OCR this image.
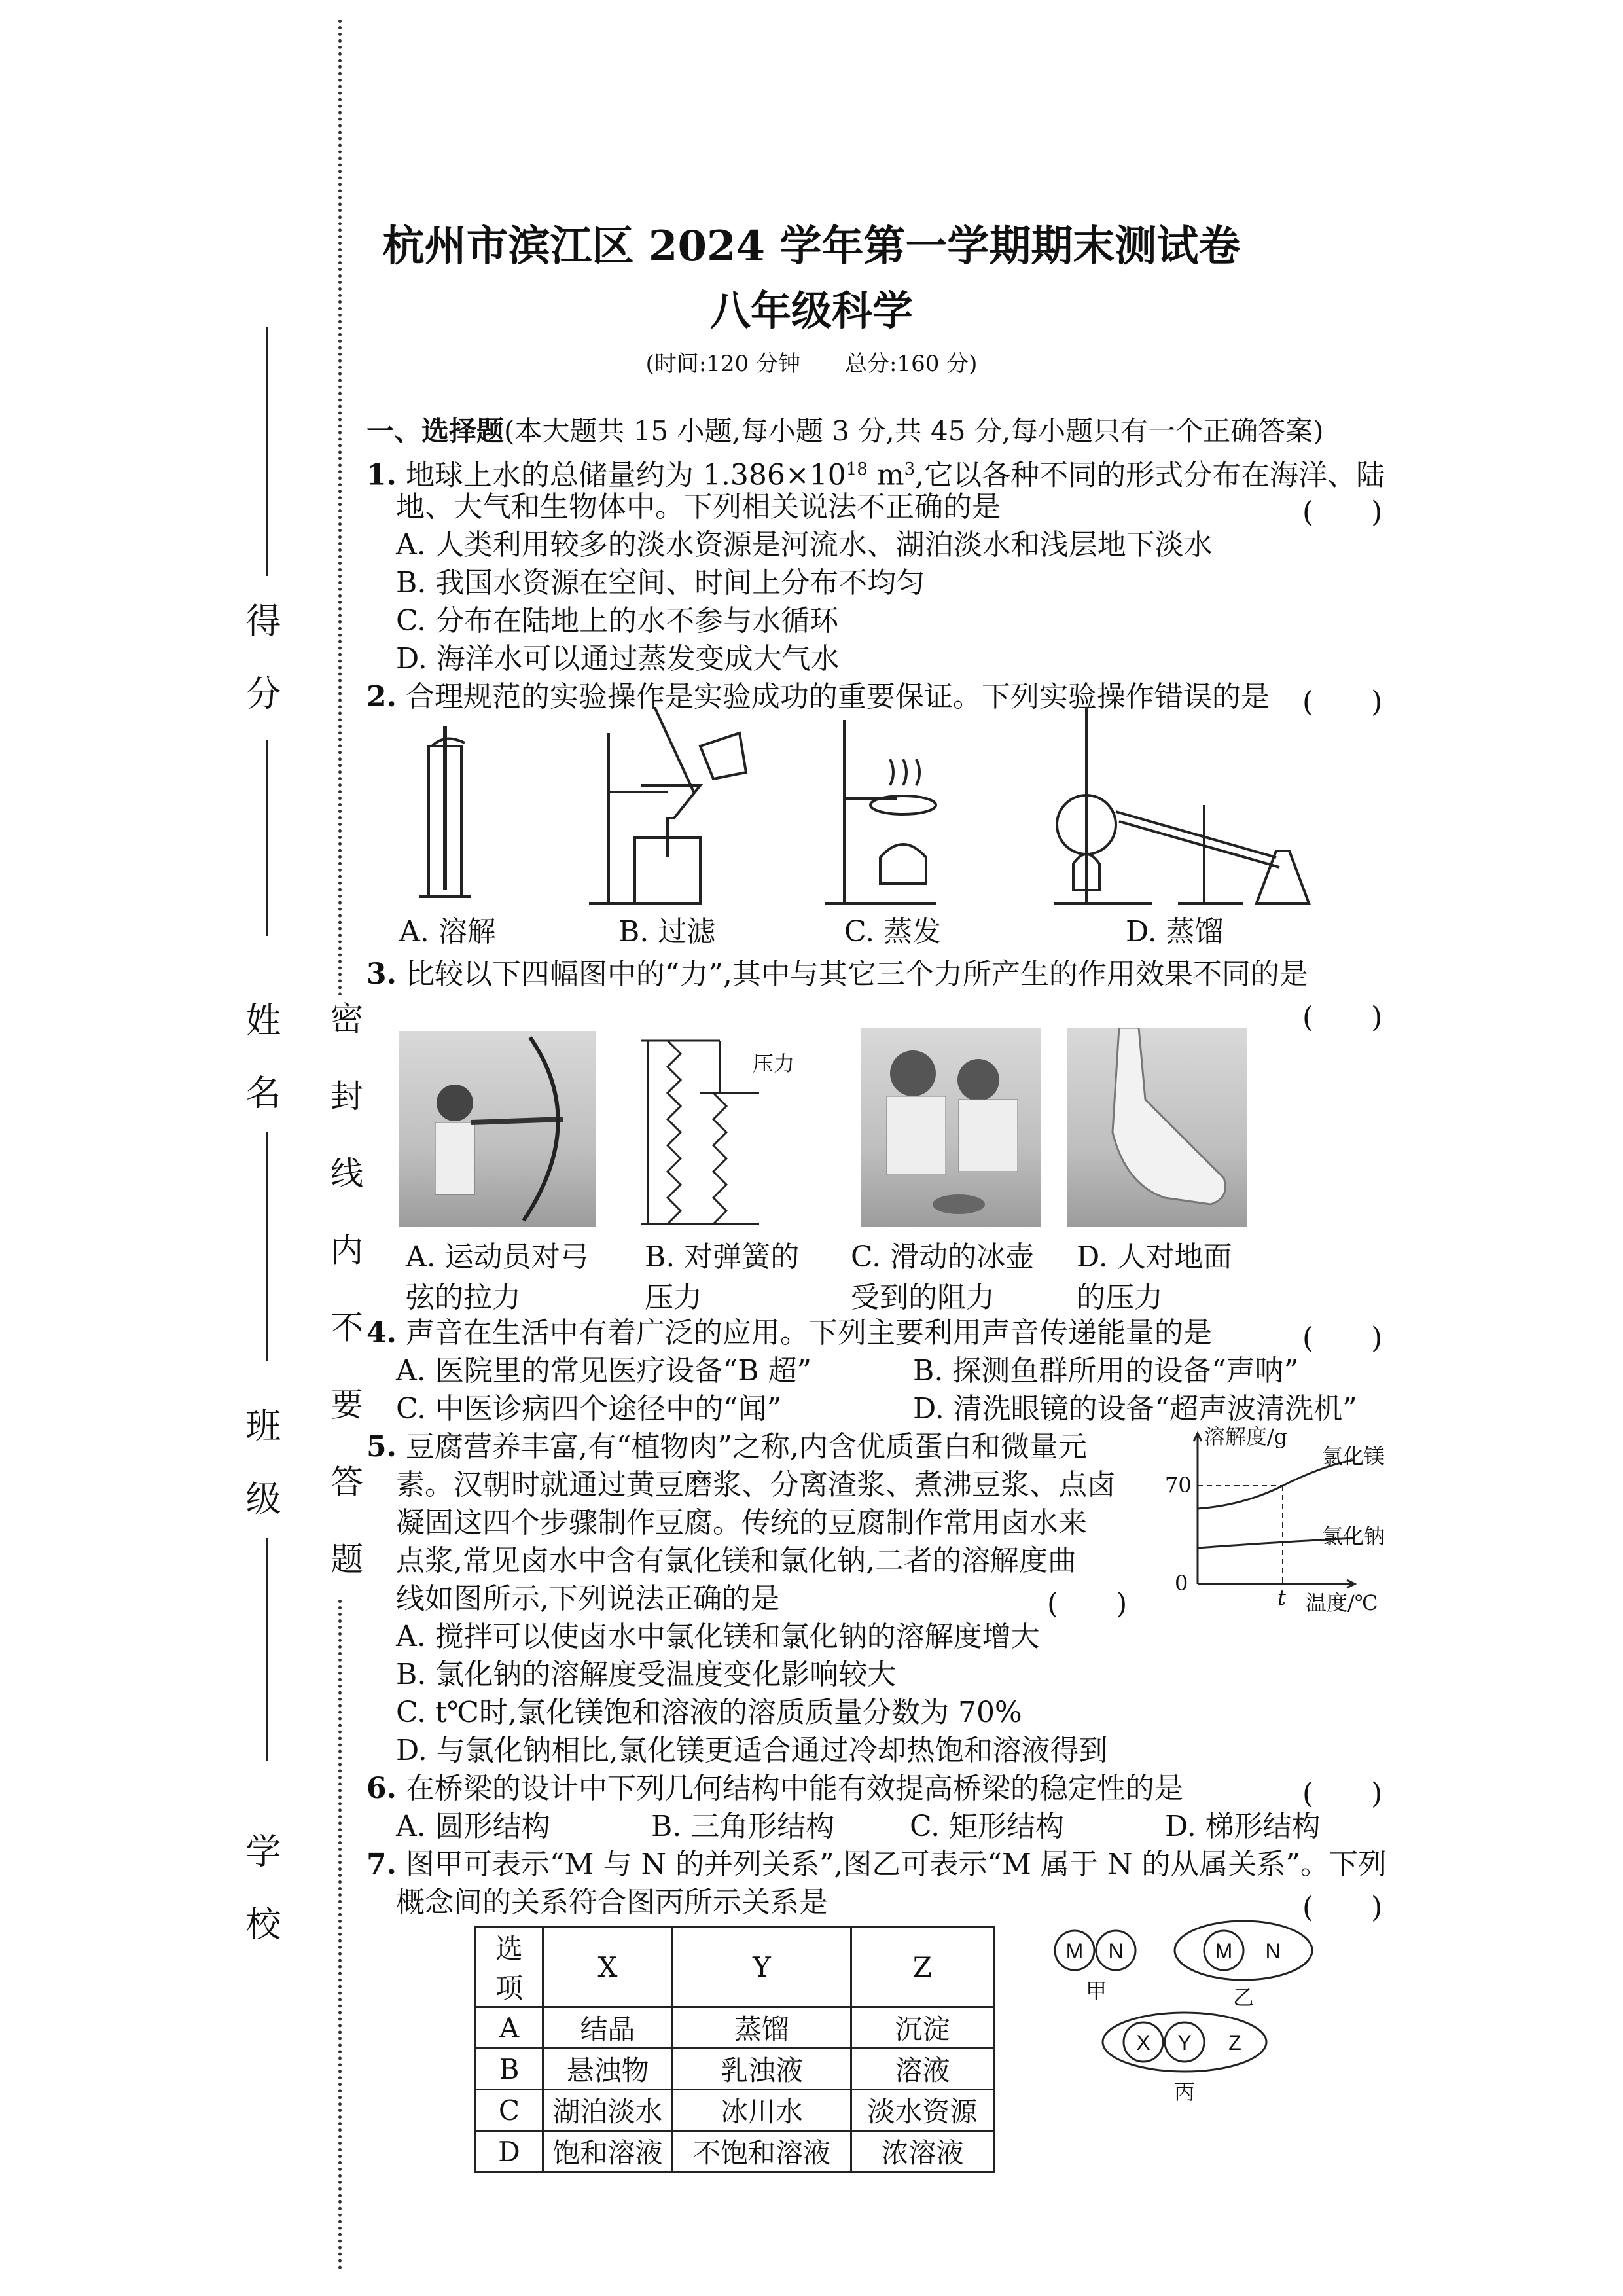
得 分
姓 名
班 级
学 校
密 封 线 内 不 要 答 题
杭州市滨江区 2024 学年第一学期期末测试卷
八年级科学
(时间:120 分钟　　总分:160 分)
一、选择题(本大题共 15 小题,每小题 3 分,共 45 分,每小题只有一个正确答案)
1. 地球上水的总储量约为 $1.386\times 10^{18}$ $m^3$,它以各种不同的形式分布在海洋、陆
地、大气和生物体中。下列相关说法不正确的是	(　　)
A. 人类利用较多的淡水资源是河流水、湖泊淡水和浅层地下淡水
B. 我国水资源在空间、时间上分布不均匀
C. 分布在陆地上的水不参与水循环
D. 海洋水可以通过蒸发变成大气水
2. 合理规范的实验操作是实验成功的重要保证。下列实验操作错误的是 (　　)
A. 溶解	B. 过滤	C. 蒸发	D. 蒸馏
3. 比较以下四幅图中的“力”,其中与其它三个力所产生的作用效果不同的是
(　　)
压力
A. 运动员对弓
弦的拉力
B. 对弹簧的
压力
C. 滑动的冰壶
受到的阻力
D. 人对地面
的压力
4. 声音在生活中有着广泛的应用。下列主要利用声音传递能量的是	(　　)
A. 医院里的常见医疗设备“B 超”	B. 探测鱼群所用的设备“声呐”
C. 中医诊病四个途径中的“闻”	D. 清洗眼镜的设备“超声波清洗机”
5. 豆腐营养丰富,有“植物肉”之称,内含优质蛋白和微量元
素。汉朝时就通过黄豆磨浆、分离渣浆、煮沸豆浆、点卤
凝固这四个步骤制作豆腐。传统的豆腐制作常用卤水来
点浆,常见卤水中含有氯化镁和氯化钠,二者的溶解度曲
线如图所示,下列说法正确的是	(　　)
溶解度/g
70
0
t 温度/℃
氯化镁
氯化钠
A. 搅拌可以使卤水中氯化镁和氯化钠的溶解度增大
B. 氯化钠的溶解度受温度变化影响较大
C. t℃时,氯化镁饱和溶液的溶质质量分数为 70%
D. 与氯化钠相比,氯化镁更适合通过冷却热饱和溶液得到
6. 在桥梁的设计中下列几何结构中能有效提高桥梁的稳定性的是	(　　)
A. 圆形结构	B. 三角形结构	C. 矩形结构	D. 梯形结构
7. 图甲可表示“M 与 N 的并列关系”,图乙可表示“M 属于 N 的从属关系”。下列
概念间的关系符合图丙所示关系是	(　　)
选项	X	Y	Z
A	结晶	蒸馏	沉淀
B	悬浊物	乳浊液	溶液
C	湖泊淡水	冰川水	淡水资源
D	饱和溶液	不饱和溶液	浓溶液
M N	M N
X Y Z
甲	乙
丙
